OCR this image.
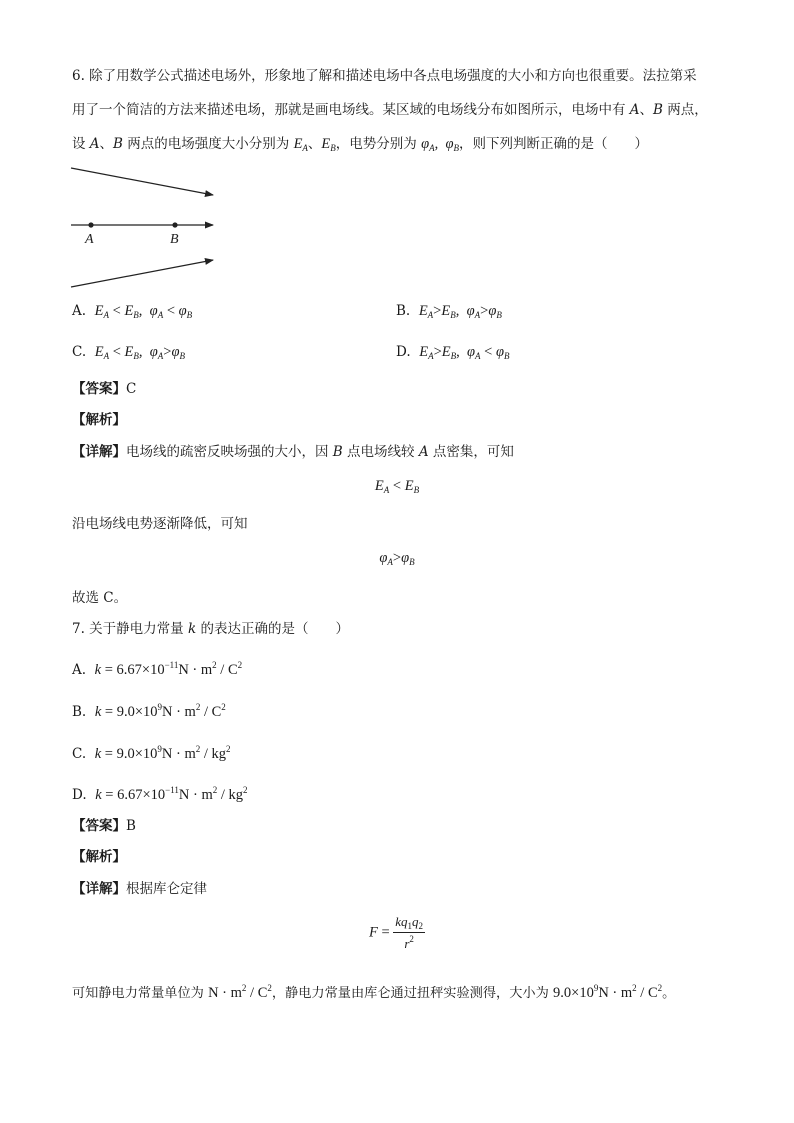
6. 除了用数学公式描述电场外，形象地了解和描述电场中各点电场强度的大小和方向也很重要。法拉第采
用了一个简洁的方法来描述电场，那就是画电场线。某区域的电场线分布如图所示，电场中有 A、B 两点，
设 A、B 两点的电场强度大小分别为 $E_A$、$E_B$，电势分别为 $\varphi_A$,  $\varphi_B$，则下列判断正确的是（　　）
A	B
A. $E_A < E_B$,  $\varphi_A < \varphi_B$	B. $E_A>E_B$,  $\varphi_A>\varphi_B$
C. $E_A < E_B$,  $\varphi_A>\varphi_B$	D. $E_A>E_B$,  $\varphi_A < \varphi_B$
【答案】C
【解析】
【详解】电场线的疏密反映场强的大小，因 B 点电场线较 A 点密集，可知
$E_A < E_B$
沿电场线电势逐渐降低，可知
$\varphi_A>\varphi_B$
故选 C。
7. 关于静电力常量 k 的表达正确的是（　　）
A. $k = 6.67\times 10^{-11}N \cdot m^2 / C^2$
B. $k = 9.0\times 10^9N \cdot m^2 / C^2$
C. $k = 9.0\times 10^9N \cdot m^2 / kg^2$
D. $k = 6.67\times 10^{-11}N \cdot m^2 / kg^2$
【答案】B
【解析】
【详解】根据库仑定律
$F = \frac{kq_1q_2}{r^2}$
可知静电力常量单位为 $N \cdot m^2 / C^2$，静电力常量由库仑通过扭秤实验测得，大小为 $9.0\times 10^9N \cdot m^2 / C^2$。
